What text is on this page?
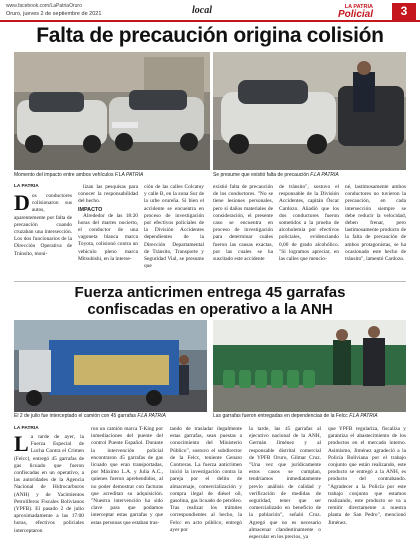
www.facebook.com/LaPatriaOruro
Oruro, jueves 2 de septiembre de 2021	local	LA PATRIA
Policial	3
Falta de precaución origina colisión
Momento del impacto entre ambos vehículos F.LA PATRIA	Se presume que existió falta de precaución F.LA PATRIA
LA PATRIA
Dos conductores colisionaron sus autos, aparentemente por falta de precaución cuando cruzaban una intersección. Los dos funcionarios de la Dirección Operativa de Tránsito, moni-

lizan las pesquisas para conocer la responsabilidad del hecho.

IMPACTO

Alrededor de las 18:20 horas del martes nocierto, el conductor de una vagoneta blanca marca Toyota, colisionó contra un vehículo pleno marca Mitsubishi, en la interse-

ción de las calles Colcatuy y calle B, en la zona Sur de la urbe orureña. Si bien el accidente se encuentra en proceso de investigación por efectivos policiales de la División Accidentes dependientes de la Dirección Departamental de Tránsito, Transporte y Seguridad Vial, se presume que
existió falta de precaución de los conductores. "No se tiene lesiones personales, pero sí daños materiales de consideración, el presente caso se encuentra en proceso de investigación para determinar cuáles fueron las causas exactas, por las cuales se ha suscitado este accidente
de tránsito", sostuvo el responsable de la División Accidentes, capitán Óscar Cardozo. Añadió que los dos conductores fueron sometidos a la prueba de alcoholemia por efectivos policiales, evidenciando 0,00 de grado alcohólico. "Si logramos apreciar, en las calles que mencio-
né, lastimosamente ambos conductores no tuvieron la precaución, en cada intersección siempre se debe reducir la velocidad, deben frenar, pero lastimosamente producto de la falta de precaución de ambos protagonistas, se ha ocasionado este hecho de tránsito", lamentó Cardozo.
Fuerza anticrimen entrega 45 garrafas
confiscadas en operativo a la ANH
El 2 de julio fue interceptado el camión con 45 garrafas F.LA PATRIA	Las garrafas fueron entregadas en dependencias de la Felcc F.LA PATRIA
LA PATRIA
La tarde de ayer, la Fuerza Especial de Lucha Contra el Crimen (Felcc), entregó 45 garrafas de gas licuado que fueron confiscadas en un operativo, a las autoridades de la Agencia Nacional de Hidrocarburos (ANH) y de Yacimientos Petrolíferos Fiscales Bolivianos (YPFB). El pasado 2 de julio aproximadamente a las 17:00 horas, efectivos policiales interceptaron
ron un camión marca T-King por inmediaciones del puente del control Puente Español. Durante la intervención policial encontraron 45 garrafas de gas licuado que eran transportadas, por Máximo L.A. y Julia A.C., quienes fueron aprehendidos, al no poder demostrar con facturas que acreditan su adquisición. "Nuestra intervención ha sido clave para que podamos interceptar estas garrafas y que estas personas que estaban tras-
tando de trasladar ilegalmente estas garrafas, sean puestas a conocimiento del Ministerio Público", sostuvo el subdirector de la Felcc, teniente Genaro Contreras. La fuerza anticrimen inició la investigación contra la pareja por el delito de almacenaje, comercialización y compra ilegal de diésel oíl, gasolina, gas licuado de petróleo. Tras realizar los trámites correspondientes al hecho, la Felcc en acto público, entregó ayer por
la tarde, las 45 garrafas al ejecutivo nacional de la ANH, Germán Jiménez y al responsable distrital comercial de YPFB Oruro, Gilmar Cruz. "Una vez que jurídicamente estos casos se cumplan, tendríamos inmediatamente previo análisis de calidad y verificación de medidas de seguridad, tener que ser comercializado en beneficio de la población", señaló Cruz. Agregó que no es necesario almacenar clandestinamente o especular en los precios, ya
que YPFB regulariza, fiscaliza y garantiza el abastecimiento de los productos en el mercado interno. Asimismo, Jiménez agradeció a la Policía Boliviana por el trabajo conjunto que están realizando, este producto se entregó a la ANH, es producto del contrabando. "Agradecer a la Policía por este trabajo conjunto que estamos realizando, este producto se va a remitir directamente a nuestra planta de San Pedro", mencionó Jiménez.
